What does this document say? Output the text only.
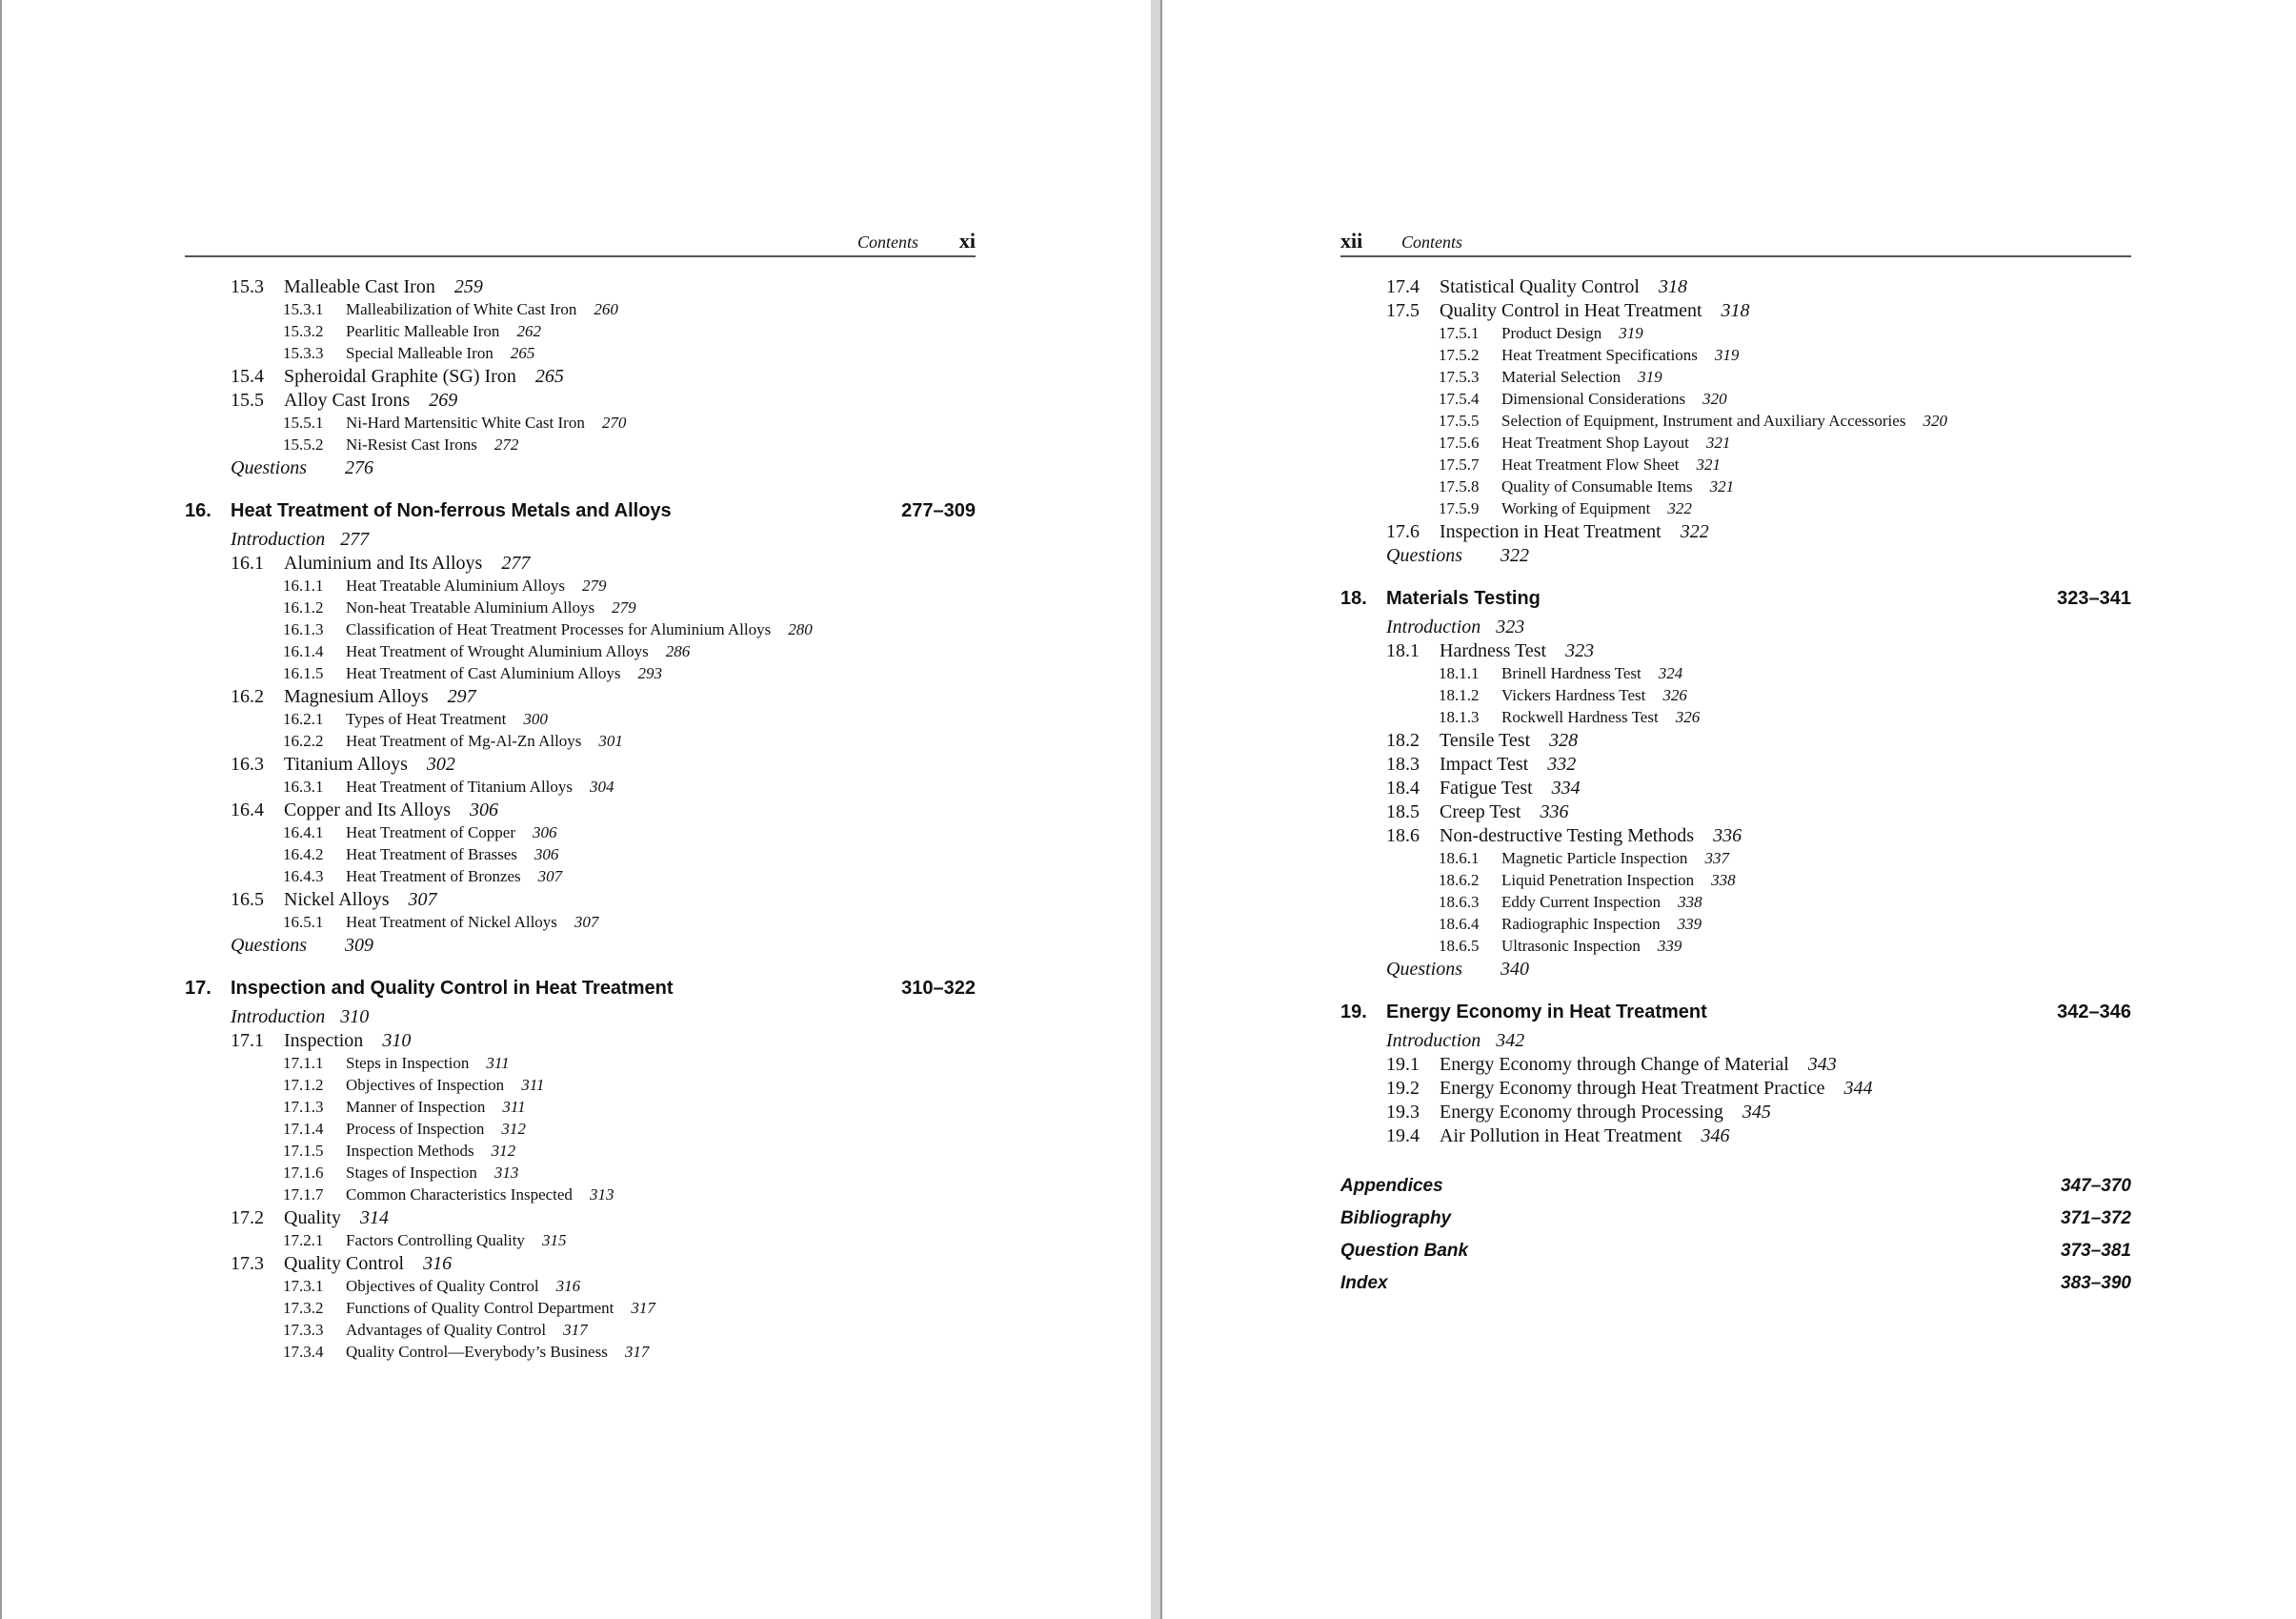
Contents xi
15.3	Malleable Cast Iron 259
15.3.1	Malleabilization of White Cast Iron 260
15.3.2	Pearlitic Malleable Iron 262
15.3.3	Special Malleable Iron 265
15.4	Spheroidal Graphite (SG) Iron 265
15.5	Alloy Cast Irons 269
15.5.1	Ni-Hard Martensitic White Cast Iron 270
15.5.2	Ni-Resist Cast Irons 272
Questions 276
16.	Heat Treatment of Non-ferrous Metals and Alloys	277–309
Introduction 277
16.1	Aluminium and Its Alloys 277
16.1.1	Heat Treatable Aluminium Alloys 279
16.1.2	Non-heat Treatable Aluminium Alloys 279
16.1.3	Classification of Heat Treatment Processes for Aluminium Alloys 280
16.1.4	Heat Treatment of Wrought Aluminium Alloys 286
16.1.5	Heat Treatment of Cast Aluminium Alloys 293
16.2	Magnesium Alloys 297
16.2.1	Types of Heat Treatment 300
16.2.2	Heat Treatment of Mg-Al-Zn Alloys 301
16.3	Titanium Alloys 302
16.3.1	Heat Treatment of Titanium Alloys 304
16.4	Copper and Its Alloys 306
16.4.1	Heat Treatment of Copper 306
16.4.2	Heat Treatment of Brasses 306
16.4.3	Heat Treatment of Bronzes 307
16.5	Nickel Alloys 307
16.5.1	Heat Treatment of Nickel Alloys 307
Questions 309
17.	Inspection and Quality Control in Heat Treatment	310–322
Introduction 310
17.1	Inspection 310
17.1.1	Steps in Inspection 311
17.1.2	Objectives of Inspection 311
17.1.3	Manner of Inspection 311
17.1.4	Process of Inspection 312
17.1.5	Inspection Methods 312
17.1.6	Stages of Inspection 313
17.1.7	Common Characteristics Inspected 313
17.2	Quality 314
17.2.1	Factors Controlling Quality 315
17.3	Quality Control 316
17.3.1	Objectives of Quality Control 316
17.3.2	Functions of Quality Control Department 317
17.3.3	Advantages of Quality Control 317
17.3.4	Quality Control—Everybody’s Business 317
xii Contents
17.4	Statistical Quality Control 318
17.5	Quality Control in Heat Treatment 318
17.5.1	Product Design 319
17.5.2	Heat Treatment Specifications 319
17.5.3	Material Selection 319
17.5.4	Dimensional Considerations 320
17.5.5	Selection of Equipment, Instrument and Auxiliary Accessories 320
17.5.6	Heat Treatment Shop Layout 321
17.5.7	Heat Treatment Flow Sheet 321
17.5.8	Quality of Consumable Items 321
17.5.9	Working of Equipment 322
17.6	Inspection in Heat Treatment 322
Questions 322
18.	Materials Testing	323–341
Introduction 323
18.1	Hardness Test 323
18.1.1	Brinell Hardness Test 324
18.1.2	Vickers Hardness Test 326
18.1.3	Rockwell Hardness Test 326
18.2	Tensile Test 328
18.3	Impact Test 332
18.4	Fatigue Test 334
18.5	Creep Test 336
18.6	Non-destructive Testing Methods 336
18.6.1	Magnetic Particle Inspection 337
18.6.2	Liquid Penetration Inspection 338
18.6.3	Eddy Current Inspection 338
18.6.4	Radiographic Inspection 339
18.6.5	Ultrasonic Inspection 339
Questions 340
19.	Energy Economy in Heat Treatment	342–346
Introduction 342
19.1	Energy Economy through Change of Material 343
19.2	Energy Economy through Heat Treatment Practice 344
19.3	Energy Economy through Processing 345
19.4	Air Pollution in Heat Treatment 346
Appendices	347–370
Bibliography	371–372
Question Bank	373–381
Index	383–390
